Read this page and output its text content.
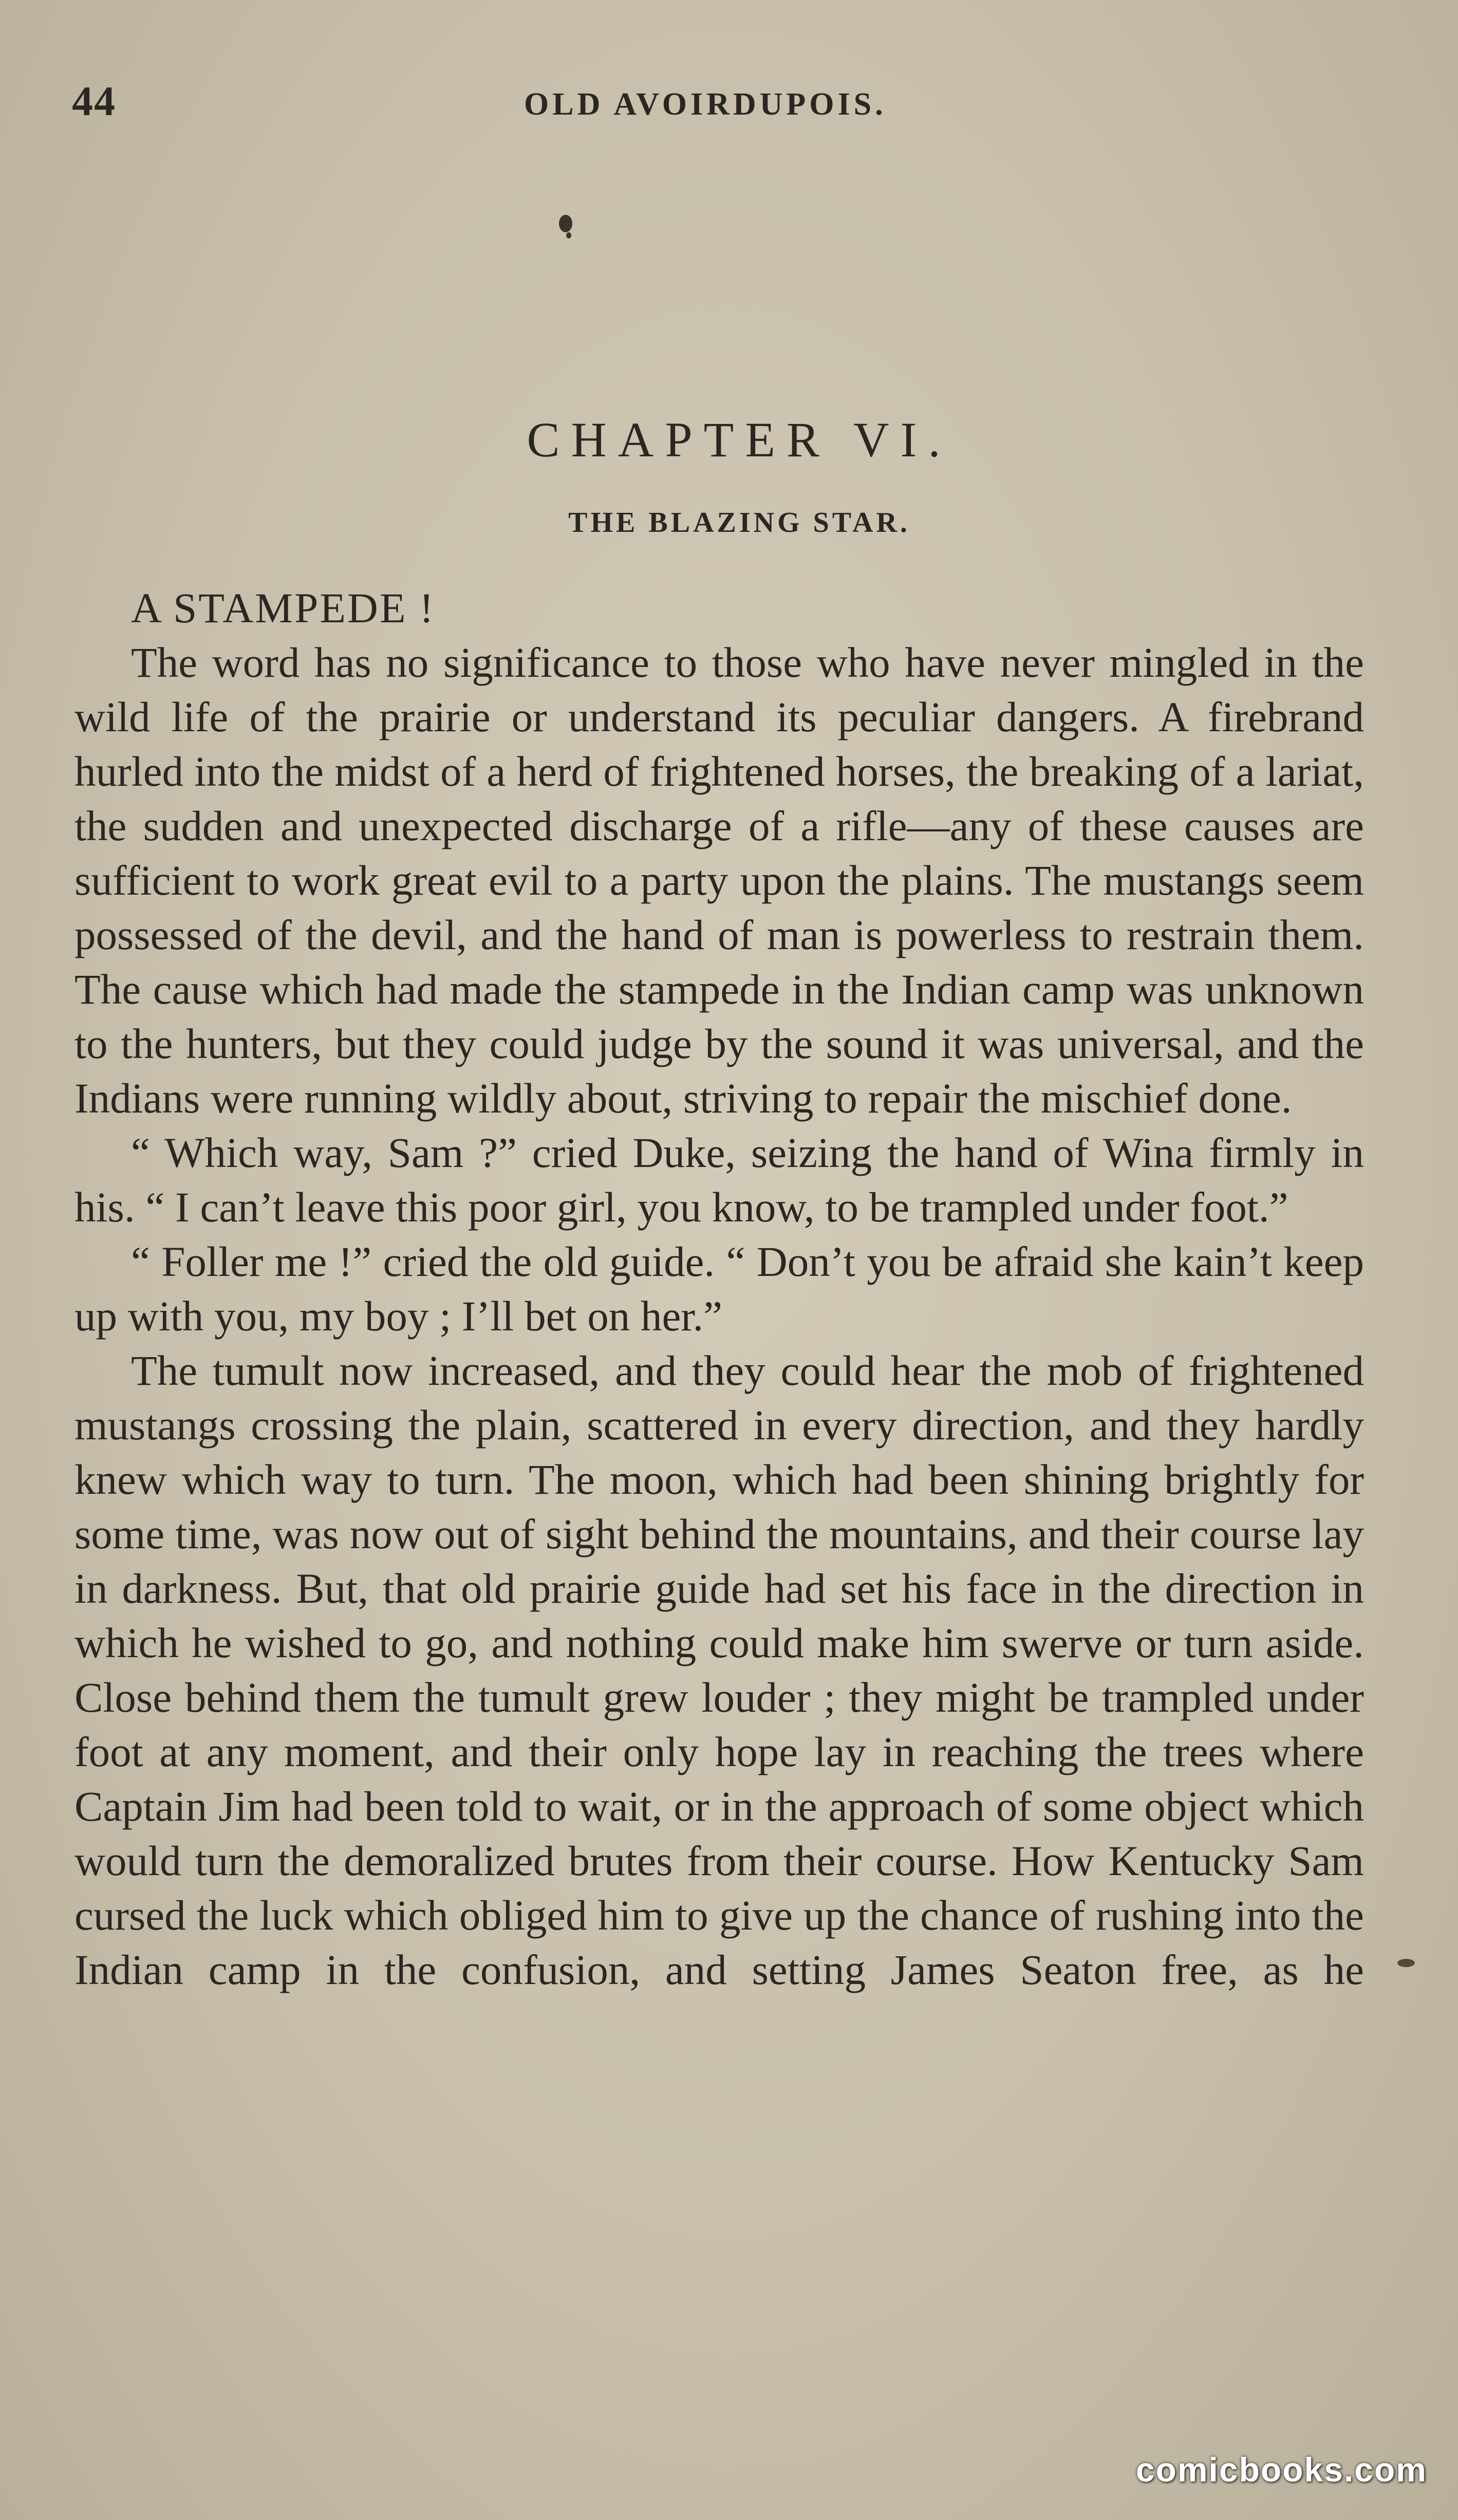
44	OLD AVOIRDUPOIS.
CHAPTER VI.
THE BLAZING STAR.

A STAMPEDE !

The word has no significance to those who have never mingled in the wild life of the prairie or understand its peculiar dangers. A firebrand hurled into the midst of a herd of frightened horses, the breaking of a lariat, the sudden and unexpected discharge of a rifle—any of these causes are sufficient to work great evil to a party upon the plains. The mustangs seem possessed of the devil, and the hand of man is powerless to restrain them. The cause which had made the stampede in the Indian camp was unknown to the hunters, but they could judge by the sound it was universal, and the Indians were running wildly about, striving to repair the mischief done.

“ Which way, Sam ?” cried Duke, seizing the hand of Wina firmly in his. “ I can’t leave this poor girl, you know, to be trampled under foot.”

“ Foller me !” cried the old guide. “ Don’t you be afraid she kain’t keep up with you, my boy ; I’ll bet on her.”

The tumult now increased, and they could hear the mob of frightened mustangs crossing the plain, scattered in every direction, and they hardly knew which way to turn. The moon, which had been shining brightly for some time, was now out of sight behind the mountains, and their course lay in darkness. But, that old prairie guide had set his face in the direction in which he wished to go, and nothing could make him swerve or turn aside. Close behind them the tumult grew louder ; they might be trampled under foot at any moment, and their only hope lay in reaching the trees where Captain Jim had been told to wait, or in the approach of some object which would turn the demoralized brutes from their course. How Kentucky Sam cursed the luck which obliged him to give up the chance of rushing into the Indian camp in the confusion, and setting James Seaton free, as he

comicbooks.com
